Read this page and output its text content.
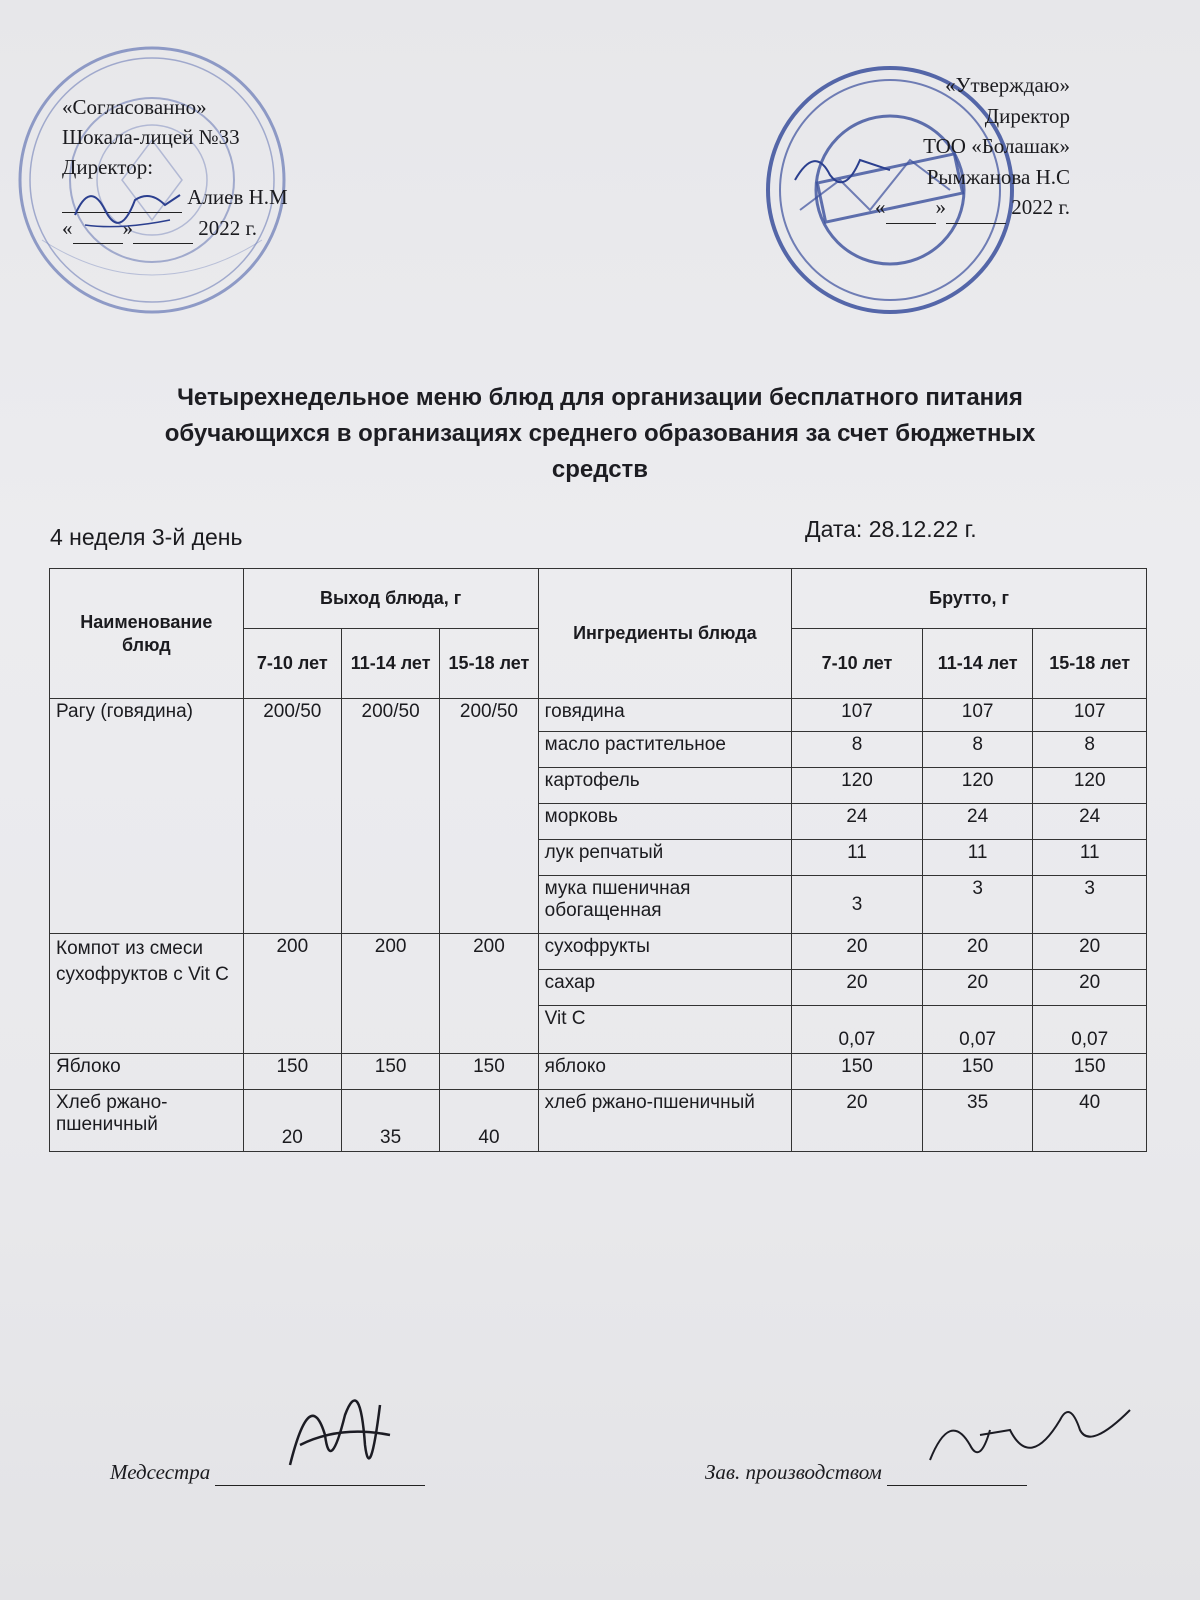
«Согласованно»
Шокала-лицей №33
Директор:
Алиев Н.М
« »	2022 г.
«Утверждаю»
Директор
ТОО «Болашак»
Рымжанова Н.С
« »	2022 г.
Четырехнедельное меню блюд для организации бесплатного питания
обучающихся в организациях среднего образования за счет бюджетных
средств
4 неделя 3-й день	Дата: 28.12.22 г.
Наименование блюд	Выход блюда, г			Ингредиенты блюда	Брутто, г		
	7-10 лет	11-14 лет	15-18 лет		7-10 лет	11-14 лет	15-18 лет
Рагу (говядина)	200/50	200/50	200/50	говядина	107	107	107
				масло растительное	8	8	8
				картофель	120	120	120
				морковь	24	24	24
				лук репчатый	11	11	11
				мука пшеничная обогащенная	3	3	3
Компот из смеси сухофруктов с Vit C	200	200	200	сухофрукты	20	20	20
				сахар	20	20	20
				Vit C	0,07	0,07	0,07
Яблоко	150	150	150	яблоко	150	150	150
Хлеб ржано-пшеничный	20	35	40	хлеб ржано-пшеничный	20	35	40
Медсестра	Зав. производством
